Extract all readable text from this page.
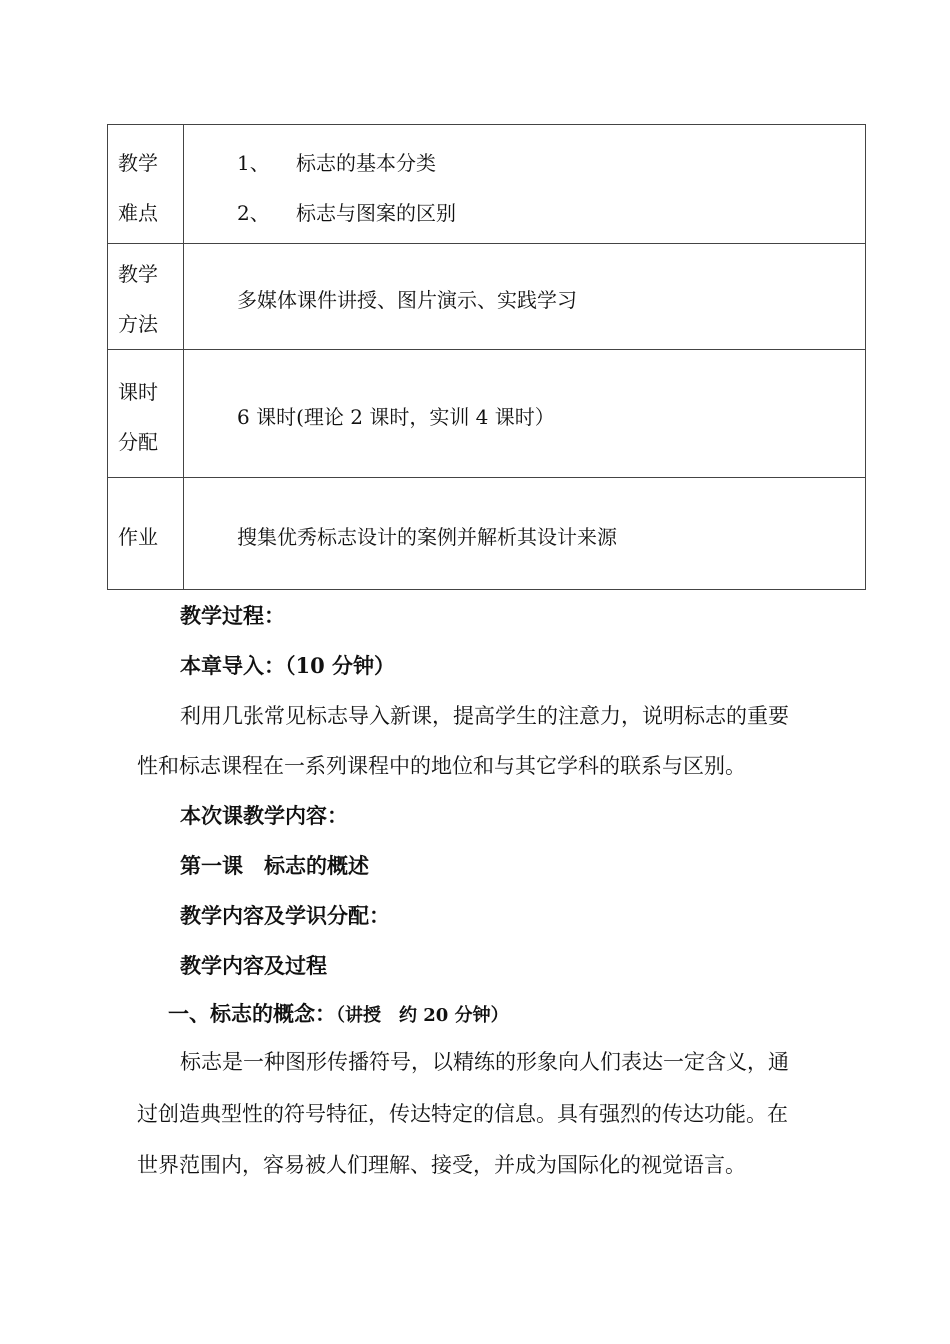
教学
难点	1、 标志的基本分类
2、 标志与图案的区别

教学
方法	多媒体课件讲授、图片演示、实践学习

课时
分配	6 课时(理论 2 课时，实训 4 课时）

作业	搜集优秀标志设计的案例并解析其设计来源
教学过程：
本章导入：（10 分钟）
利用几张常见标志导入新课，提高学生的注意力，说明标志的重要
性和标志课程在一系列课程中的地位和与其它学科的联系与区别。
本次课教学内容：
第一课　标志的概述
教学内容及学识分配：
教学内容及过程
一、标志的概念：（讲授　约 20 分钟）
标志是一种图形传播符号，以精练的形象向人们表达一定含义，通
过创造典型性的符号特征，传达特定的信息。具有强烈的传达功能。在
世界范围内，容易被人们理解、接受，并成为国际化的视觉语言。
